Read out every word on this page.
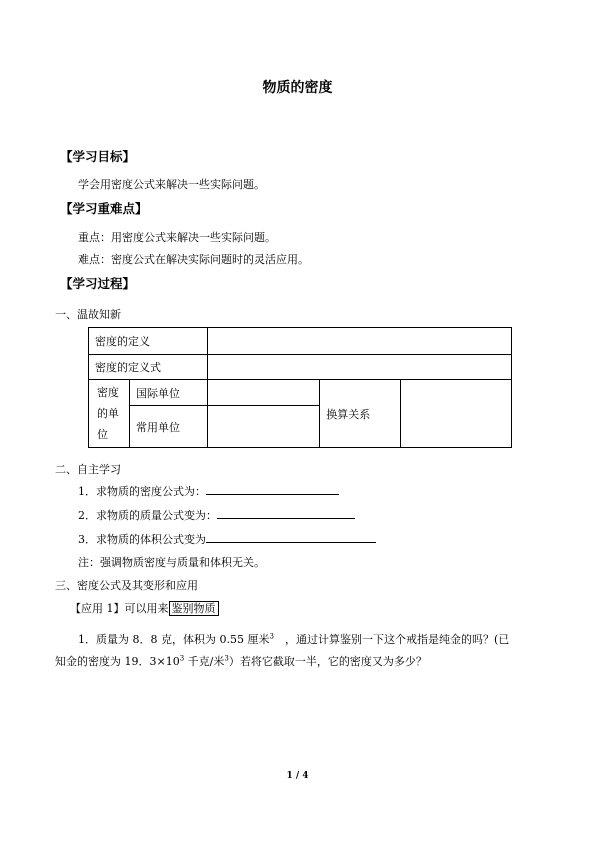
物质的密度
【学习目标】
学会用密度公式来解决一些实际问题。
【学习重难点】
重点：用密度公式来解决一些实际问题。
难点：密度公式在解决实际问题时的灵活应用。
【学习过程】
一、温故知新
密度的定义				
密度的定义式				
密度
的单
位	国际单位		换算关系	
	常用单位			
二、自主学习
1．求物质的密度公式为：
2．求物质的质量公式变为：
3．求物质的体积公式变为
注：强调物质密度与质量和体积无关。
三、密度公式及其变形和应用
【应用 1】可以用来 鉴别物质
1．质量为 8．8 克，体积为 0.55 厘米$^3$　，通过计算鉴别一下这个戒指是纯金的吗？(已
知金的密度为 19．$3\times 10^3$ 千克/米$^3$）若将它截取一半，它的密度又为多少？
1 / 4
